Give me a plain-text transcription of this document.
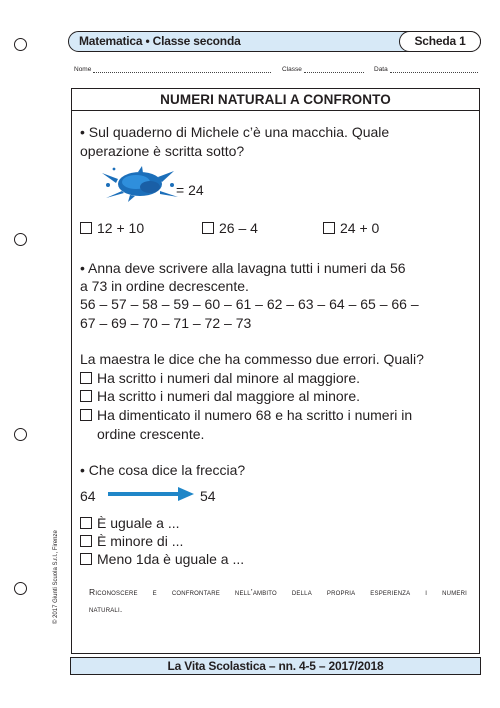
Matematica • Classe seconda	Scheda 1
Nome	Classe	Data
© 2017 Giunti Scuola S.r.l., Firenze
NUMERI NATURALI A CONFRONTO
• Sul quaderno di Michele c’è una macchia. Quale
operazione è scritta sotto?
= 24
12 + 10	26 – 4	24 + 0
• Anna deve scrivere alla lavagna tutti i numeri da 56
a 73 in ordine decrescente.
56 – 57 – 58 – 59 – 60 – 61 – 62 – 63 – 64 – 65 – 66 –
67 – 69 – 70 – 71 – 72 – 73
La maestra le dice che ha commesso due errori. Quali?
Ha scritto i numeri dal minore al maggiore.
Ha scritto i numeri dal maggiore al minore.
Ha dimenticato il numero 68 e ha scritto i numeri in
ordine crescente.
• Che cosa dice la freccia?
64	54
È uguale a ...
È minore di ...
Meno 1da è uguale a ...
Riconoscere e confrontare nell’ambito della propria esperienza i numeri
naturali.
La Vita Scolastica – nn. 4-5 – 2017/2018
